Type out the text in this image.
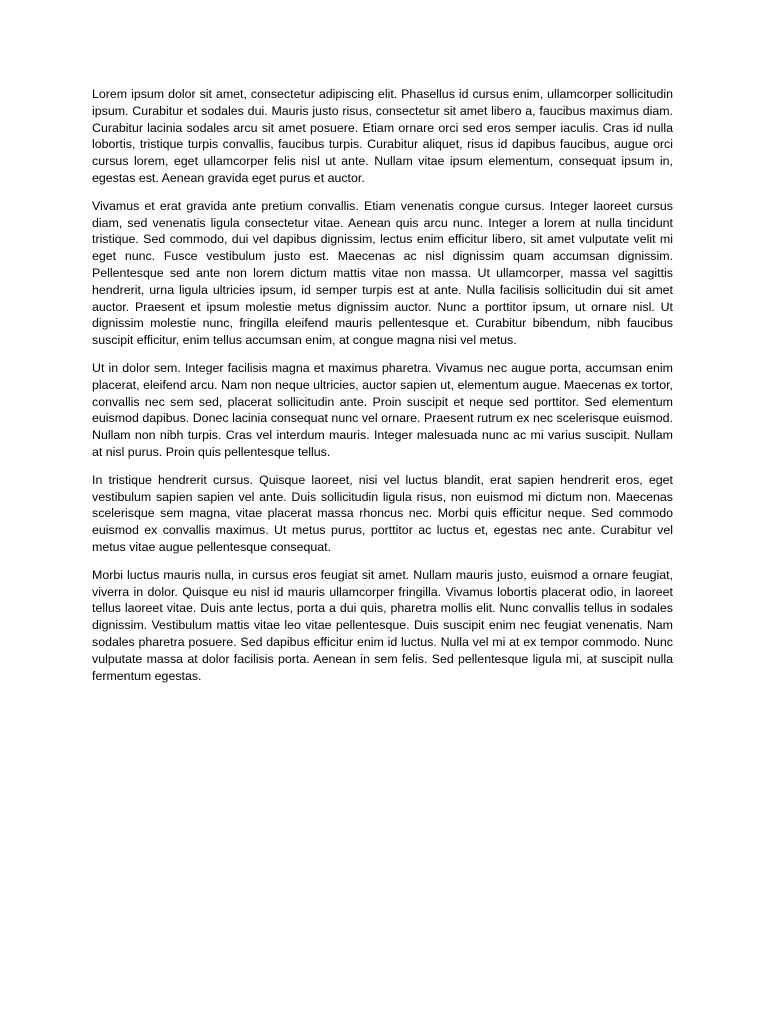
Lorem ipsum dolor sit amet, consectetur adipiscing elit. Phasellus id cursus enim, ullamcorper sollicitudin ipsum. Curabitur et sodales dui. Mauris justo risus, consectetur sit amet libero a, faucibus maximus diam. Curabitur lacinia sodales arcu sit amet posuere. Etiam ornare orci sed eros semper iaculis. Cras id nulla lobortis, tristique turpis convallis, faucibus turpis. Curabitur aliquet, risus id dapibus faucibus, augue orci cursus lorem, eget ullamcorper felis nisl ut ante. Nullam vitae ipsum elementum, consequat ipsum in, egestas est. Aenean gravida eget purus et auctor.

Vivamus et erat gravida ante pretium convallis. Etiam venenatis congue cursus. Integer laoreet cursus diam, sed venenatis ligula consectetur vitae. Aenean quis arcu nunc. Integer a lorem at nulla tincidunt tristique. Sed commodo, dui vel dapibus dignissim, lectus enim efficitur libero, sit amet vulputate velit mi eget nunc. Fusce vestibulum justo est. Maecenas ac nisl dignissim quam accumsan dignissim. Pellentesque sed ante non lorem dictum mattis vitae non massa. Ut ullamcorper, massa vel sagittis hendrerit, urna ligula ultricies ipsum, id semper turpis est at ante. Nulla facilisis sollicitudin dui sit amet auctor. Praesent et ipsum molestie metus dignissim auctor. Nunc a porttitor ipsum, ut ornare nisl. Ut dignissim molestie nunc, fringilla eleifend mauris pellentesque et. Curabitur bibendum, nibh faucibus suscipit efficitur, enim tellus accumsan enim, at congue magna nisi vel metus.

Ut in dolor sem. Integer facilisis magna et maximus pharetra. Vivamus nec augue porta, accumsan enim placerat, eleifend arcu. Nam non neque ultricies, auctor sapien ut, elementum augue. Maecenas ex tortor, convallis nec sem sed, placerat sollicitudin ante. Proin suscipit et neque sed porttitor. Sed elementum euismod dapibus. Donec lacinia consequat nunc vel ornare. Praesent rutrum ex nec scelerisque euismod. Nullam non nibh turpis. Cras vel interdum mauris. Integer malesuada nunc ac mi varius suscipit. Nullam at nisl purus. Proin quis pellentesque tellus.

In tristique hendrerit cursus. Quisque laoreet, nisi vel luctus blandit, erat sapien hendrerit eros, eget vestibulum sapien sapien vel ante. Duis sollicitudin ligula risus, non euismod mi dictum non. Maecenas scelerisque sem magna, vitae placerat massa rhoncus nec. Morbi quis efficitur neque. Sed commodo euismod ex convallis maximus. Ut metus purus, porttitor ac luctus et, egestas nec ante. Curabitur vel metus vitae augue pellentesque consequat.

Morbi luctus mauris nulla, in cursus eros feugiat sit amet. Nullam mauris justo, euismod a ornare feugiat, viverra in dolor. Quisque eu nisl id mauris ullamcorper fringilla. Vivamus lobortis placerat odio, in laoreet tellus laoreet vitae. Duis ante lectus, porta a dui quis, pharetra mollis elit. Nunc convallis tellus in sodales dignissim. Vestibulum mattis vitae leo vitae pellentesque. Duis suscipit enim nec feugiat venenatis. Nam sodales pharetra posuere. Sed dapibus efficitur enim id luctus. Nulla vel mi at ex tempor commodo. Nunc vulputate massa at dolor facilisis porta. Aenean in sem felis. Sed pellentesque ligula mi, at suscipit nulla fermentum egestas.
